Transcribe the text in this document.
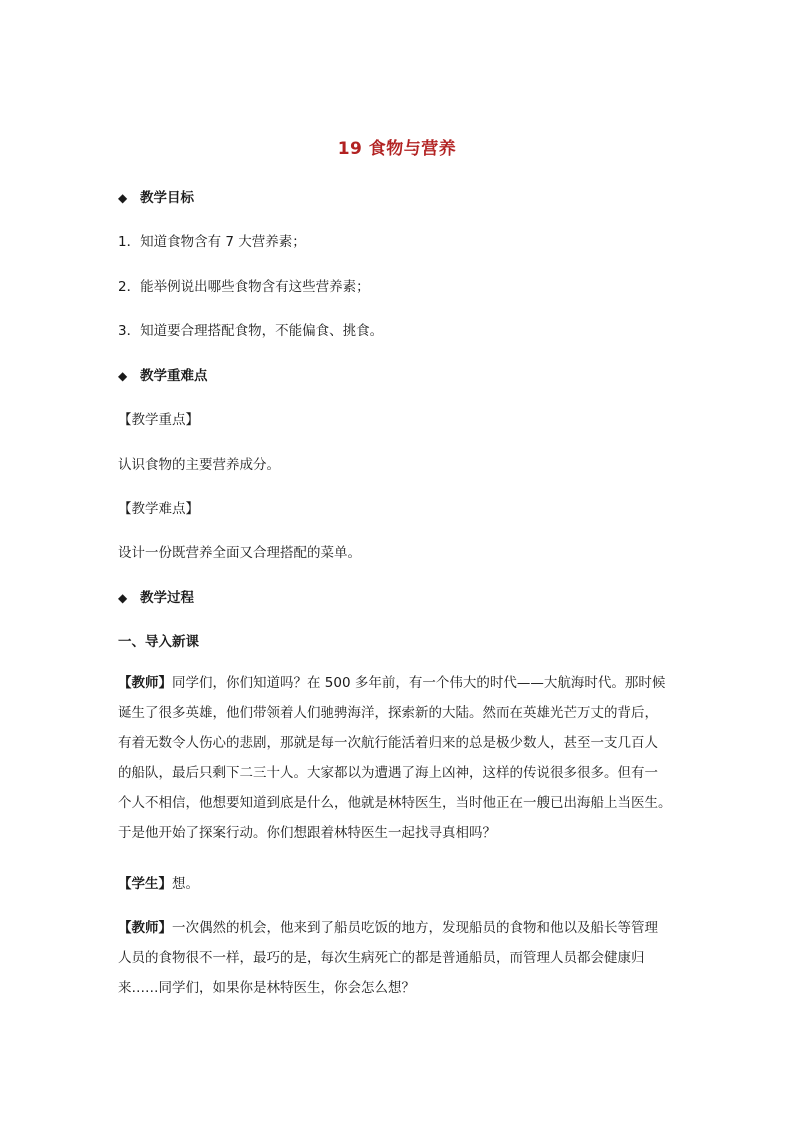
19 食物与营养
◆ 教学目标
1．知道食物含有 7 大营养素；
2．能举例说出哪些食物含有这些营养素；
3．知道要合理搭配食物，不能偏食、挑食。
◆ 教学重难点
【教学重点】
认识食物的主要营养成分。
【教学难点】
设计一份既营养全面又合理搭配的菜单。
◆ 教学过程
一、导入新课

【教师】同学们，你们知道吗？在 500 多年前，有一个伟大的时代——大航海时代。那时候

诞生了很多英雄，他们带领着人们驰骋海洋，探索新的大陆。然而在英雄光芒万丈的背后，

有着无数令人伤心的悲剧，那就是每一次航行能活着归来的总是极少数人，甚至一支几百人

的船队，最后只剩下二三十人。大家都以为遭遇了海上凶神，这样的传说很多很多。但有一

个人不相信，他想要知道到底是什么，他就是林特医生，当时他正在一艘已出海船上当医生。

于是他开始了探案行动。你们想跟着林特医生一起找寻真相吗？

【学生】想。

【教师】一次偶然的机会，他来到了船员吃饭的地方，发现船员的食物和他以及船长等管理

人员的食物很不一样，最巧的是，每次生病死亡的都是普通船员，而管理人员都会健康归

来……同学们，如果你是林特医生，你会怎么想？
